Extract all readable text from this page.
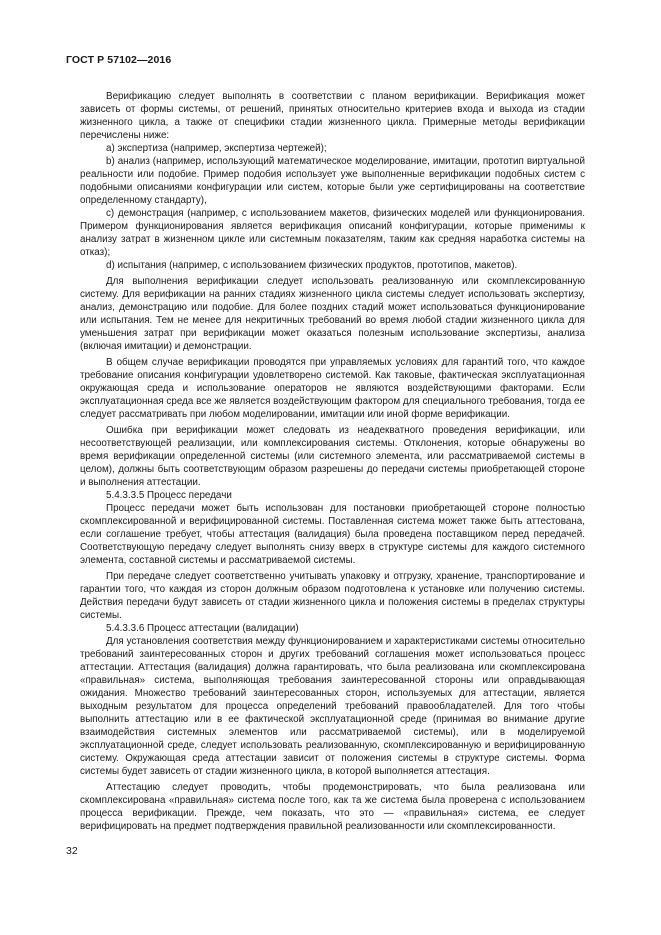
ГОСТ Р 57102—2016

Верификацию следует выполнять в соответствии с планом верификации. Верификация может зависеть от формы системы, от решений, принятых относительно критериев входа и выхода из стадии жизненного цикла, а также от специфики стадии жизненного цикла. Примерные методы верификации перечислены ниже:

a) экспертиза (например, экспертиза чертежей);

b) анализ (например, использующий математическое моделирование, имитации, прототип виртуальной реальности или подобие. Пример подобия использует уже выполненные верификации подобных систем с подобными описаниями конфигурации или систем, которые были уже сертифицированы на соответствие определенному стандарту),

c) демонстрация (например, с использованием макетов, физических моделей или функционирования. Примером функционирования является верификация описаний конфигурации, которые применимы к анализу затрат в жизненном цикле или системным показателям, таким как средняя наработка системы на отказ);

d) испытания (например, с использованием физических продуктов, прототипов, макетов).

Для выполнения верификации следует использовать реализованную или скомплексированную систему. Для верификации на ранних стадиях жизненного цикла системы следует использовать экспертизу, анализ, демонстрацию или подобие. Для более поздних стадий может использоваться функционирование или испытания. Тем не менее для некритичных требований во время любой стадии жизненного цикла для уменьшения затрат при верификации может оказаться полезным использование экспертизы, анализа (включая имитации) и демонстрации.

В общем случае верификации проводятся при управляемых условиях для гарантий того, что каждое требование описания конфигурации удовлетворено системой. Как таковые, фактическая эксплуатационная окружающая среда и использование операторов не являются воздействующими факторами. Если эксплуатационная среда все же является воздействующим фактором для специального требования, тогда ее следует рассматривать при любом моделировании, имитации или иной форме верификации.

Ошибка при верификации может следовать из неадекватного проведения верификации, или несоответствующей реализации, или комплексирования системы. Отклонения, которые обнаружены во время верификации определенной системы (или системного элемента, или рассматриваемой системы в целом), должны быть соответствующим образом разрешены до передачи системы приобретающей стороне и выполнения аттестации.

5.4.3.3.5 Процесс передачи

Процесс передачи может быть использован для постановки приобретающей стороне полностью скомплексированной и верифицированной системы. Поставленная система может также быть аттестована, если соглашение требует, чтобы аттестация (валидация) была проведена поставщиком перед передачей. Соответствующую передачу следует выполнять снизу вверх в структуре системы для каждого системного элемента, составной системы и рассматриваемой системы.

При передаче следует соответственно учитывать упаковку и отгрузку, хранение, транспортирование и гарантии того, что каждая из сторон должным образом подготовлена к установке или получению системы. Действия передачи будут зависеть от стадии жизненного цикла и положения системы в пределах структуры системы.

5.4.3.3.6 Процесс аттестации (валидации)

Для установления соответствия между функционированием и характеристиками системы относительно требований заинтересованных сторон и других требований соглашения может использоваться процесс аттестации. Аттестация (валидация) должна гарантировать, что была реализована или скомплексирована «правильная» система, выполняющая требования заинтересованной стороны или оправдывающая ожидания. Множество требований заинтересованных сторон, используемых для аттестации, является выходным результатом для процесса определений требований правообладателей. Для того чтобы выполнить аттестацию или в ее фактической эксплуатационной среде (принимая во внимание другие взаимодействия системных элементов или рассматриваемой системы), или в моделируемой эксплуатационной среде, следует использовать реализованную, скомплексированную и верифицированную систему. Окружающая среда аттестации зависит от положения системы в структуре системы. Форма системы будет зависеть от стадии жизненного цикла, в которой выполняется аттестация.

Аттестацию следует проводить, чтобы продемонстрировать, что была реализована или скомплексирована «правильная» система после того, как та же система была проверена с использованием процесса верификации. Прежде, чем показать, что это — «правильная» система, ее следует верифицировать на предмет подтверждения правильной реализованности или скомплексированности.

32
